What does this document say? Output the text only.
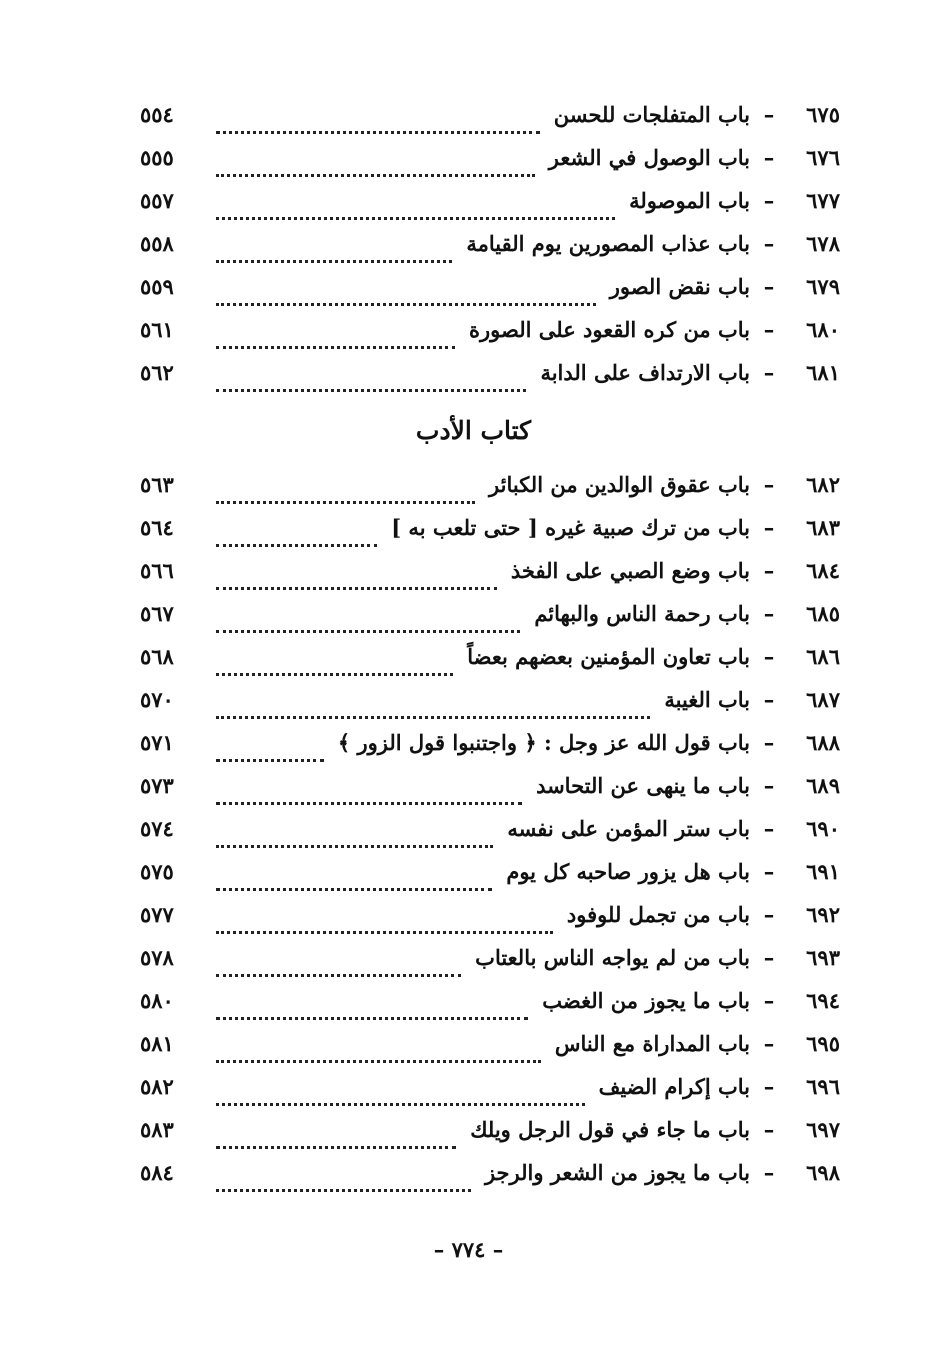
٦٧٥
–
باب المتفلجات للحسن
٥٥٤
٦٧٦
–
باب الوصول في الشعر
٥٥٥
٦٧٧
–
باب الموصولة
٥٥٧
٦٧٨
–
باب عذاب المصورين يوم القيامة
٥٥٨
٦٧٩
–
باب نقض الصور
٥٥٩
٦٨٠
–
باب من كره القعود على الصورة
٥٦١
٦٨١
–
باب الارتداف على الدابة
٥٦٢
كتاب الأدب
٦٨٢
–
باب عقوق الوالدين من الكبائر
٥٦٣
٦٨٣
–
باب من ترك صبية غيره [ حتى تلعب به ]
٥٦٤
٦٨٤
–
باب وضع الصبي على الفخذ
٥٦٦
٦٨٥
–
باب رحمة الناس والبهائم
٥٦٧
٦٨٦
–
باب تعاون المؤمنين بعضهم بعضاً
٥٦٨
٦٨٧
–
باب الغيبة
٥٧٠
٦٨٨
–
باب قول الله عز وجل : ﴿ واجتنبوا قول الزور ﴾
٥٧١
٦٨٩
–
باب ما ينهى عن التحاسد
٥٧٣
٦٩٠
–
باب ستر المؤمن على نفسه
٥٧٤
٦٩١
–
باب هل يزور صاحبه كل يوم
٥٧٥
٦٩٢
–
باب من تجمل للوفود
٥٧٧
٦٩٣
–
باب من لم يواجه الناس بالعتاب
٥٧٨
٦٩٤
–
باب ما يجوز من الغضب
٥٨٠
٦٩٥
–
باب المداراة مع الناس
٥٨١
٦٩٦
–
باب إكرام الضيف
٥٨٢
٦٩٧
–
باب ما جاء في قول الرجل ويلك
٥٨٣
٦٩٨
–
باب ما يجوز من الشعر والرجز
٥٨٤
– ٧٧٤ –
